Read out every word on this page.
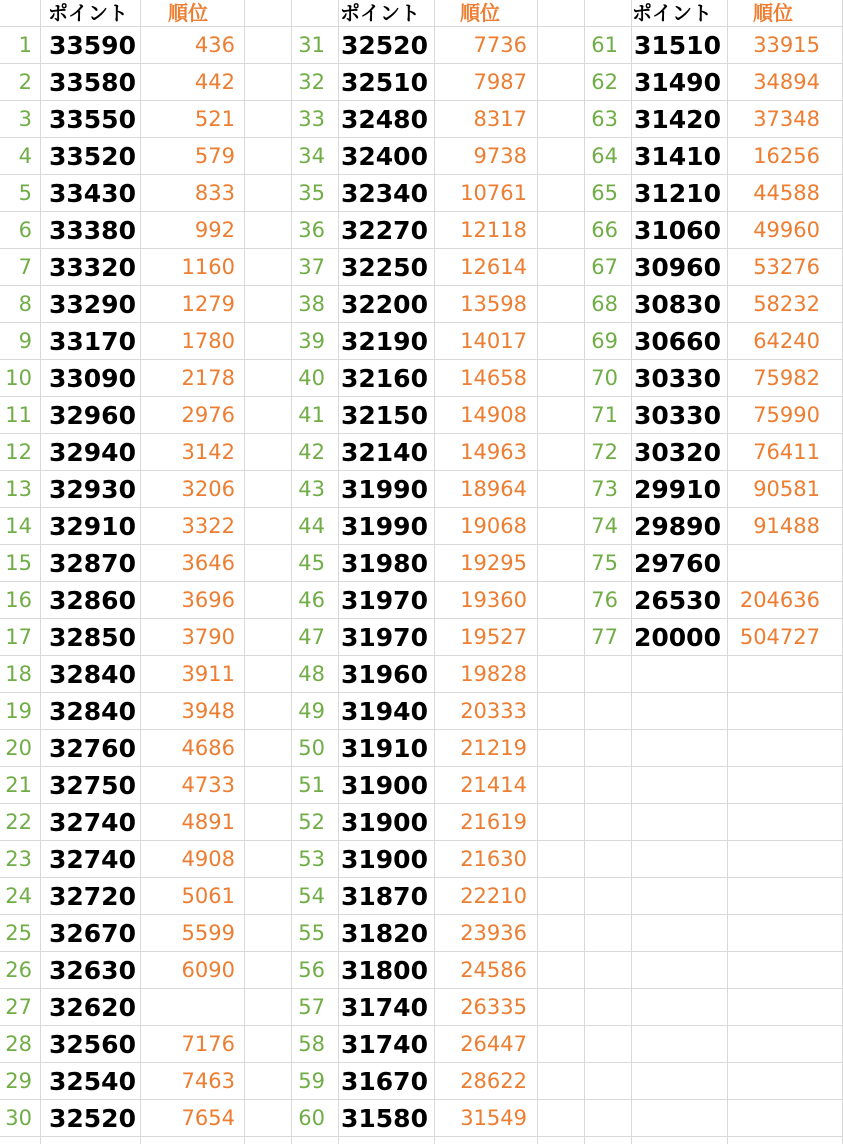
ポイント	順位	ポイント	順位	ポイント	順位
1 33590	436
2 33580	442
3 33550	521
4 33520	579
5 33430	833
6 33380	992
7 33320	1160
8 33290	1279
9 33170	1780
10 33090	2178
11 32960	2976
12 32940	3142
13 32930	3206
14 32910	3322
15 32870	3646
16 32860	3696
17 32850	3790
18 32840	3911
19 32840	3948
20 32760	4686
21 32750	4733
22 32740	4891
23 32740	4908
24 32720	5061
25 32670	5599
26 32630	6090
27 32620
28 32560	7176
29 32540	7463
30 32520	7654
31 32520	7736
32 32510	7987
33 32480	8317
34 32400	9738
35 32340	10761
36 32270	12118
37 32250	12614
38 32200	13598
39 32190	14017
40 32160	14658
41 32150	14908
42 32140	14963
43 31990	18964
44 31990	19068
45 31980	19295
46 31970	19360
47 31970	19527
48 31960	19828
49 31940	20333
50 31910	21219
51 31900	21414
52 31900	21619
53 31900	21630
54 31870	22210
55 31820	23936
56 31800	24586
57 31740	26335
58 31740	26447
59 31670	28622
60 31580	31549
61 31510	33915
62 31490	34894
63 31420	37348
64 31410	16256
65 31210	44588
66 31060	49960
67 30960	53276
68 30830	58232
69 30660	64240
70 30330	75982
71 30330	75990
72 30320	76411
73 29910	90581
74 29890	91488
75 29760
76 26530 204636
77 20000 504727
